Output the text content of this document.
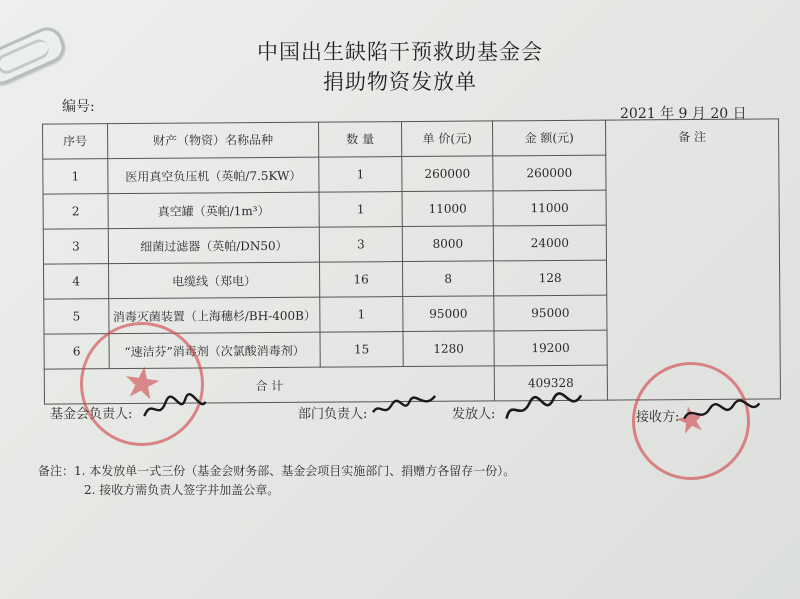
中国出生缺陷干预救助基金会
捐助物资发放单
编号:	2021 年 9 月 20 日
序号	财产（物资）名称品种	数 量	单 价(元)	金 额(元)	备 注
1	医用真空负压机（英帕/7.5KW）	1	260000	260000	
2	真空罐（英帕/1m³）	1	11000	11000	
3	细菌过滤器（英帕/DN50）	3	8000	24000	
4	电缆线（郑电）	16	8	128	
5	消毒灭菌装置（上海穗杉/BH-400B）	1	95000	95000	
6	“速洁芬”消毒剂（次氯酸消毒剂）	15	1280	19200	
合 计				409328	
★
★
基金会负责人:	部门负责人:	发放人:	接收方:
备注：1. 本发放单一式三份（基金会财务部、基金会项目实施部门、捐赠方各留存一份）。
2. 接收方需负责人签字并加盖公章。
